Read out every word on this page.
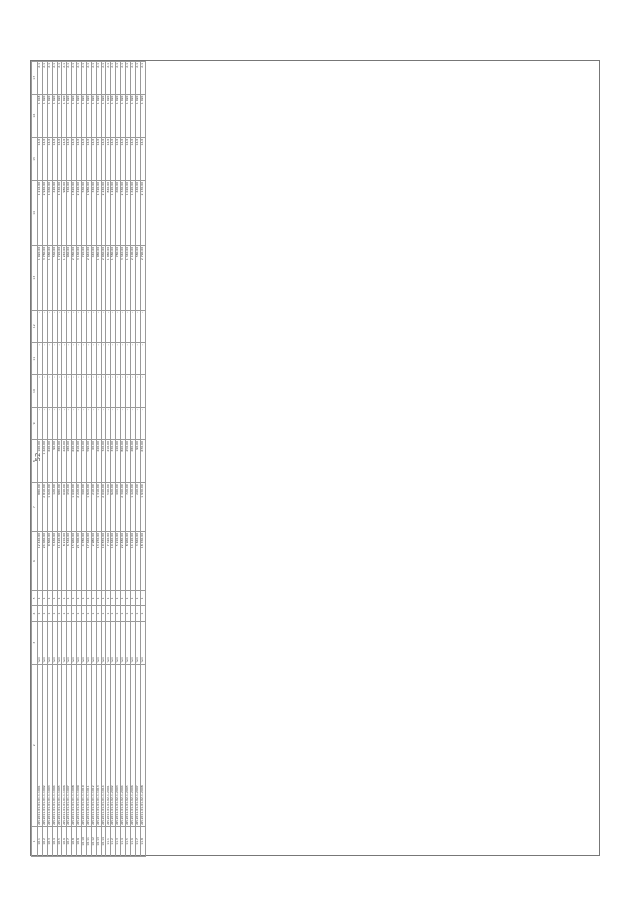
52
1	2	3	4	5	6	7	8	9	10	11	12	13	14	15	16	17
10.1	АН-2011-01-01-01-1-1001	тип	1	1	12 440,00	880,00	160,00	–	–	–	–	1 920,00	1 216,00	14,0	1 018	2,1
10.2	АН-2011-01-01-01-1-1002	тип	1	1	24 060,00	2 810,00	1 420,00	–	–	–	–	3 780,00	2 940,00	14,0	1 020	2,1
10.3	АН-2011-01-01-01-1-1003	тип	1	1	9 860,00	1 020,00	640,00	–	–	–	–	1 480,00	1 060,00	14,0	1 020	2,1
10.4	АН-2011-01-01-01-1-1004	тип	1	1	3 460,00	120,00	90,00	–	–	–	–	560,00	420,00	14,0	1 020	2,1
10.5	АН-2011-01-01-01-1-1005	тип	1	1	11 420,00	980,00	380,00	–	–	–	–	1 720,00	1 340,00	14,0	1 020	2,1
10.6	АН-2011-01-01-01-1-1006	тип	1	1	8 210,00	640,00	220,00	–	–	–	–	1 240,00	980,00	14,0	1 020	2,1
10.7	АН-2011-01-01-01-1-1007	тип	1	1	6 540,00	450,00	180,00	–	–	–	–	960,00	740,00	14,0	1 020	2,1
10.8	АН-2011-01-01-01-1-1008	тип	1	1	15 960,00	1 640,00	640,00	–	–	–	–	2 380,00	1 820,00	14,0	1 020	2,1
10.9	АН-2011-01-01-01-1-1009	тип	1	1	21 300,00	2 220,00	810,00	–	–	–	–	3 160,00	2 420,00	14,0	1 020	2,1
10.10	АН-2011-01-01-01-1-1010	тип	1	1	4 780,00	360,00	120,00	–	–	–	–	720,00	560,00	14,0	1 020	2,1
10.11	АН-2011-01-01-01-1-1011	тип	1	1	17 640,00	1 820,00	590,00	–	–	–	–	2 640,00	1 980,00	14,0	1 020	2,1
10.12	АН-2011-01-01-01-1-1012	тип	1	1	2 980,00	210,00	60,00	–	–	–	–	440,00	340,00	14,0	1 020	2,1
10.13	АН-2011-01-01-01-1-1013	тип	1	1	13 250,00	1 310,00	440,00	–	–	–	–	1 980,00	1 520,00	14,0	1 020	2,1
10.14	АН-2011-01-01-01-1-1014	тип	1	1	19 870,00	2 040,00	720,00	–	–	–	–	2 960,00	2 240,00	14,0	1 020	2,1
11.1	АН-2011-01-01-02-1-2001	тип	1	1	7 320,00	540,00	210,00	–	–	–	–	1 080,00	840,00	14,0	1 020	2,1
11.2	АН-2011-01-01-02-1-2002	тип	1	1	10 640,00	920,00	330,00	–	–	–	–	1 580,00	1 220,00	14,0	1 020	2,1
11.3	АН-2011-01-01-02-1-2003	тип	1	1	5 210,00	400,00	140,00	–	–	–	–	780,00	600,00	14,0	1 020	2,1
11.4	АН-2011-01-01-02-1-2004	тип	1	1	22 480,00	2 360,00	860,00	–	–	–	–	3 340,00	2 560,00	14,0	1 020	2,1
11.5	АН-2011-01-01-02-1-2005	тип	1	1	8 960,00	720,00	250,00	–	–	–	–	1 340,00	1 020,00	14,0	1 020	2,1
11.6	АН-2011-01-01-02-1-2006	тип	1	1	14 120,00	1 420,00	480,00	–	–	–	–	2 100,00	1 620,00	14,0	1 020	2,1
11.7	АН-2011-01-01-02-1-2007	тип	1	1	3 840,00	260,00	90,00	–	–	–	–	580,00	440,00	14,0	1 020	2,1
11.8	АН-2011-01-01-02-1-2008	тип	1	1	18 760,00	1 930,00	670,00	–	–	–	–	2 790,00	2 130,00	14,0	1 020	2,1
